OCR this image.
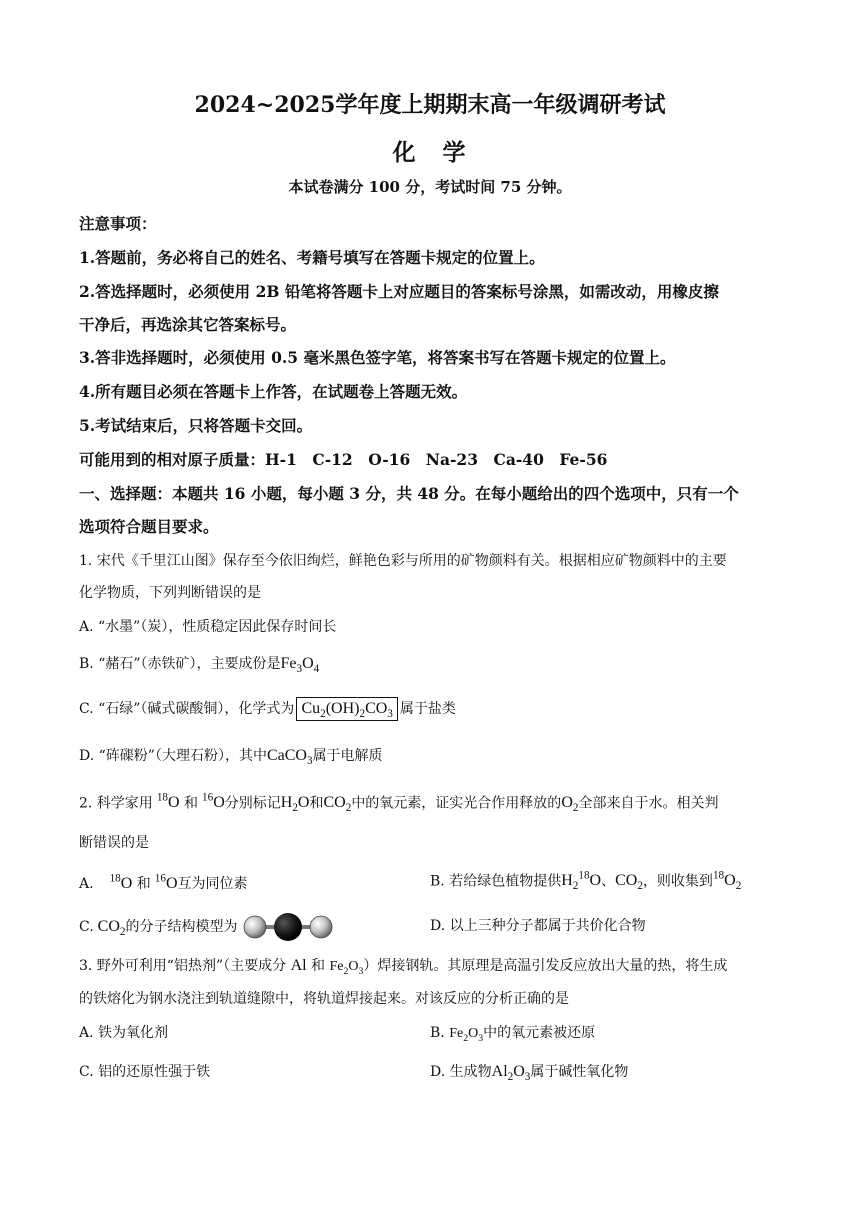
2024~2025学年度上期期末高一年级调研考试
化　学
本试卷满分 100 分，考试时间 75 分钟。
注意事项：
1.答题前，务必将自己的姓名、考籍号填写在答题卡规定的位置上。
2.答选择题时，必须使用 2B 铅笔将答题卡上对应题目的答案标号涂黑，如需改动，用橡皮擦
干净后，再选涂其它答案标号。
3.答非选择题时，必须使用 0.5 毫米黑色签字笔，将答案书写在答题卡规定的位置上。
4.所有题目必须在答题卡上作答，在试题卷上答题无效。
5.考试结束后，只将答题卡交回。
可能用到的相对原子质量：H-1　C-12　O-16　Na-23　Ca-40　Fe-56
一、选择题：本题共 16 小题，每小题 3 分，共 48 分。在每小题给出的四个选项中，只有一个
选项符合题目要求。
1. 宋代《千里江山图》保存至今依旧绚烂，鲜艳色彩与所用的矿物颜料有关。根据相应矿物颜料中的主要
化学物质，下列判断错误的是
A. “水墨”（炭），性质稳定因此保存时间长
B. “赭石”（赤铁矿），主要成份是$Fe_3O_4$
C. “石绿”（碱式碳酸铜），化学式为 $Cu_2(OH)_2CO_3$ 属于盐类
D. “砗磲粉”（大理石粉），其中CaCO$_3$属于电解质
2. 科学家用 $^{18}$O 和 $^{16}$O分别标记$H_2O$和$CO_2$中的氧元素，证实光合作用释放的$O_2$全部来自于水。相关判
断错误的是
A.　 $^{18}$O 和 $^{16}$O互为同位素	B. 若给绿色植物提供$H_2^{18}O$、$CO_2$，则收集到$^{18}O_2$
C. $CO_2$的分子结构模型为	D. 以上三种分子都属于共价化合物
3. 野外可利用“铝热剂”（主要成分 Al 和 $Fe_2O_3$）焊接钢轨。其原理是高温引发反应放出大量的热，将生成
的铁熔化为钢水浇注到轨道缝隙中，将轨道焊接起来。对该反应的分析正确的是
A. 铁为氧化剂	B. $Fe_2O_3$中的氧元素被还原
C. 铝的还原性强于铁	D. 生成物$Al_2O_3$属于碱性氧化物
